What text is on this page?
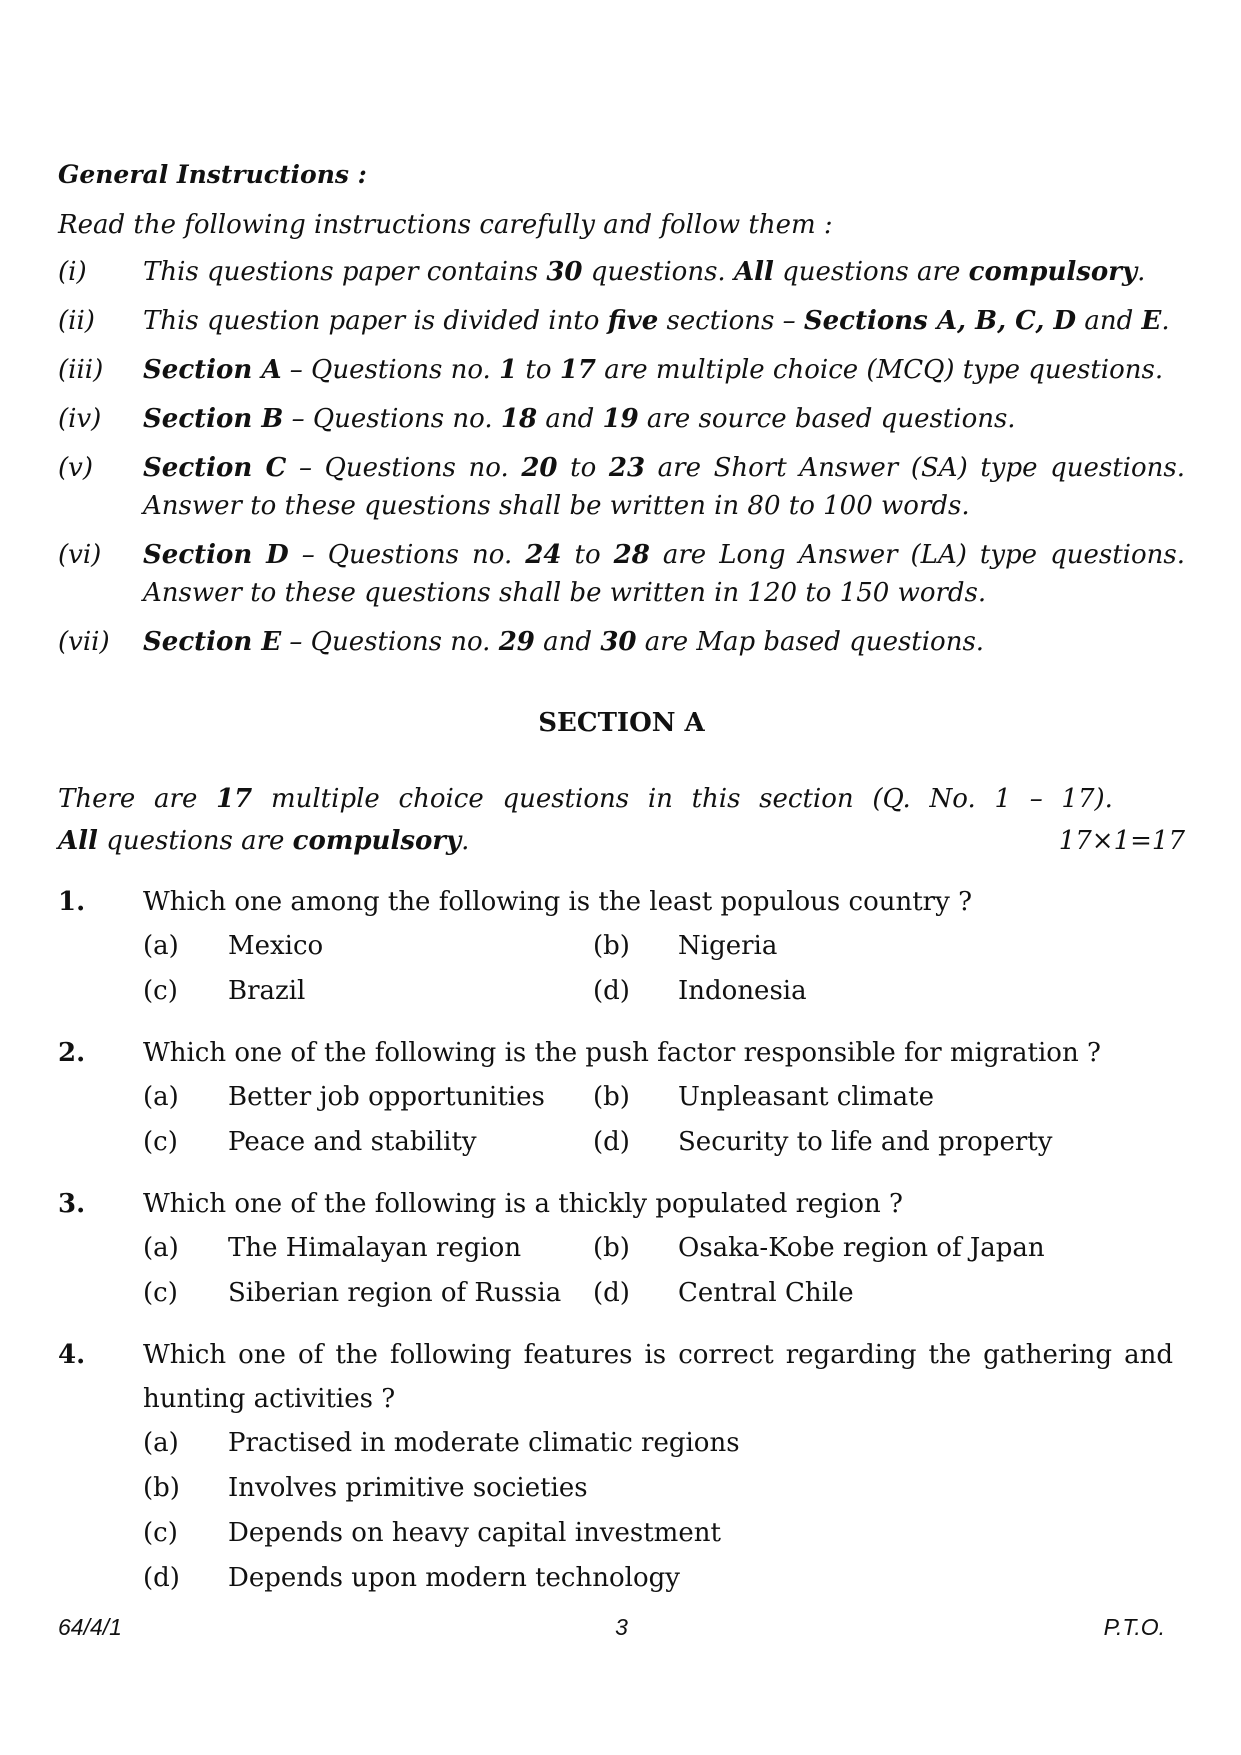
General Instructions :
Read the following instructions carefully and follow them :
(i)	This questions paper contains 30 questions. All questions are compulsory.
(ii)	This question paper is divided into five sections – Sections A, B, C, D and E.
(iii)	Section A – Questions no. 1 to 17 are multiple choice (MCQ) type questions.
(iv)	Section B – Questions no. 18 and 19 are source based questions.
(v)	Section C – Questions no. 20 to 23 are Short Answer (SA) type questions. Answer to these questions shall be written in 80 to 100 words.
(vi)	Section D – Questions no. 24 to 28 are Long Answer (LA) type questions. Answer to these questions shall be written in 120 to 150 words.
(vii)	Section E – Questions no. 29 and 30 are Map based questions.
SECTION A
There are 17 multiple choice questions in this section (Q. No. 1 – 17).
All questions are compulsory.	17×1=17
1. Which one among the following is the least populous country ?
(a) Mexico	(b) Nigeria
(c) Brazil	(d) Indonesia
2. Which one of the following is the push factor responsible for migration ?
(a) Better job opportunities (b) Unpleasant climate
(c) Peace and stability	(d) Security to life and property
3. Which one of the following is a thickly populated region ?
(a) The Himalayan region	(b) Osaka-Kobe region of Japan
(c) Siberian region of Russia (d) Central Chile
4. Which one of the following features is correct regarding the gathering and hunting activities ?
(a) Practised in moderate climatic regions
(b) Involves primitive societies
(c) Depends on heavy capital investment
(d) Depends upon modern technology
64/4/1	3	P.T.O.
